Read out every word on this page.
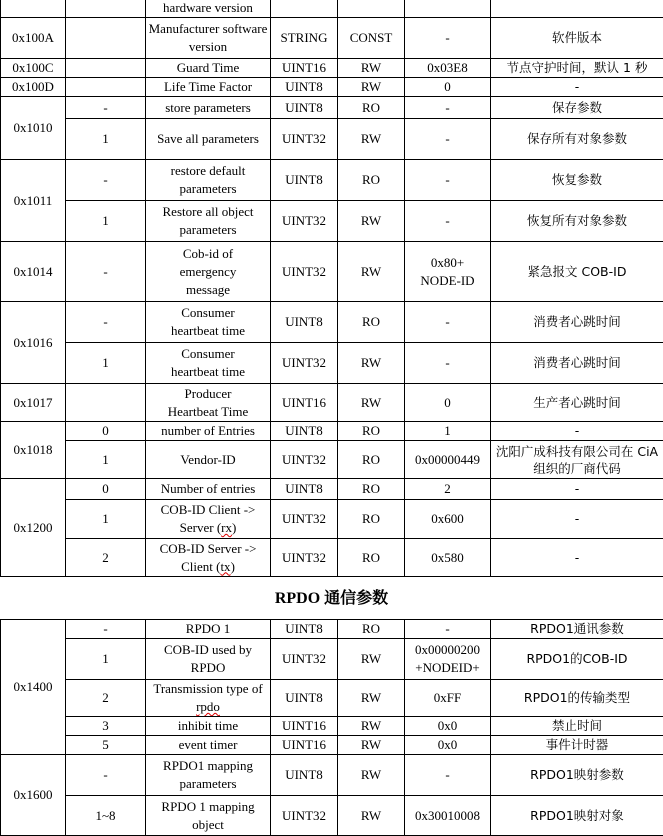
		hardware version				
0x100A		Manufacturer software version	STRING	CONST	-	软件版本
0x100C		Guard Time	UINT16	RW	0x03E8	节点守护时间，默认 1 秒
0x100D		Life Time Factor	UINT8	RW	0	-
0x1010	-	store parameters	UINT8	RO	-	保存参数
	1	Save all parameters	UINT32	RW	-	保存所有对象参数
0x1011	-	restore default parameters	UINT8	RO	-	恢复参数
	1	Restore all object parameters	UINT32	RW	-	恢复所有对象参数
0x1014	-	Cob-id of emergency message	UINT32	RW	0x80+ NODE-ID	紧急报文 COB-ID
0x1016	-	Consumer heartbeat time	UINT8	RO	-	消费者心跳时间
	1	Consumer heartbeat time	UINT32	RW	-	消费者心跳时间
0x1017		Producer Heartbeat Time	UINT16	RW	0	生产者心跳时间
0x1018	0	number of Entries	UINT8	RO	1	-
	1	Vendor-ID	UINT32	RO	0x00000449	沈阳广成科技有限公司在 CiA组织的厂商代码
0x1200	0	Number of entries	UINT8	RO	2	-
	1	COB-ID Client -> Server (rx)	UINT32	RO	0x600	-
	2	COB-ID Server -> Client (tx)	UINT32	RO	0x580	-
RPDO 通信参数
0x1400	-	RPDO 1	UINT8	RO	-	RPDO1通讯参数
	1	COB-ID used by RPDO	UINT32	RW	0x00000200 +NODEID+	RPDO1的COB-ID
	2	Transmission type of rpdo	UINT8	RW	0xFF	RPDO1的传输类型
	3	inhibit time	UINT16	RW	0x0	禁止时间
	5	event timer	UINT16	RW	0x0	事件计时器
0x1600	-	RPDO1 mapping parameters	UINT8	RW	-	RPDO1映射参数
	1~8	RPDO 1 mapping object	UINT32	RW	0x30010008	RPDO1映射对象
